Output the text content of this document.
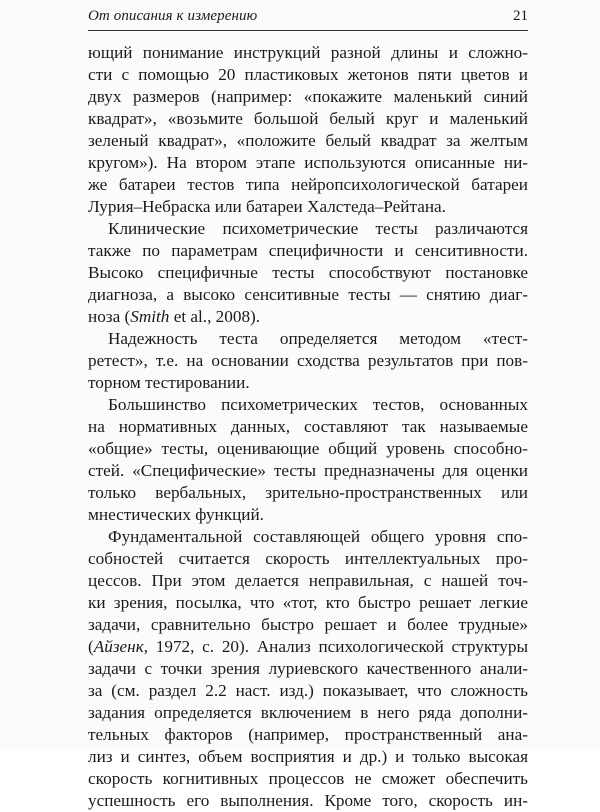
От описания к измерению	21
ющий понимание инструкций разной длины и сложно-
сти с помощью 20 пластиковых жетонов пяти цветов и
двух размеров (например: «покажите маленький синий
квадрат», «возьмите большой белый круг и маленький
зеленый квадрат», «положите белый квадрат за желтым
кругом»). На втором этапе используются описанные ни-
же батареи тестов типа нейропсихологической батареи
Лурия–Небраска или батареи Халстеда–Рейтана.
Клинические психометрические тесты различаются
также по параметрам специфичности и сенситивности.
Высоко специфичные тесты способствуют постановке
диагноза, а высоко сенситивные тесты — снятию диаг-
ноза (Smith et al., 2008).
Надежность теста определяется методом «тест-
ретест», т.е. на основании сходства результатов при пов-
торном тестировании.
Большинство психометрических тестов, основанных
на нормативных данных, составляют так называемые
«общие» тесты, оценивающие общий уровень способно-
стей. «Специфические» тесты предназначены для оценки
только вербальных, зрительно-пространственных или
мнестических функций.
Фундаментальной составляющей общего уровня спо-
собностей считается скорость интеллектуальных про-
цессов. При этом делается неправильная, с нашей точ-
ки зрения, посылка, что «тот, кто быстро решает легкие
задачи, сравнительно быстро решает и более трудные»
(Айзенк, 1972, с. 20). Анализ психологической структуры
задачи с точки зрения луриевского качественного анали-
за (см. раздел 2.2 наст. изд.) показывает, что сложность
задания определяется включением в него ряда дополни-
тельных факторов (например, пространственный ана-
лиз и синтез, объем восприятия и др.) и только высокая
скорость когнитивных процессов не сможет обеспечить
успешность его выполнения. Кроме того, скорость ин-
